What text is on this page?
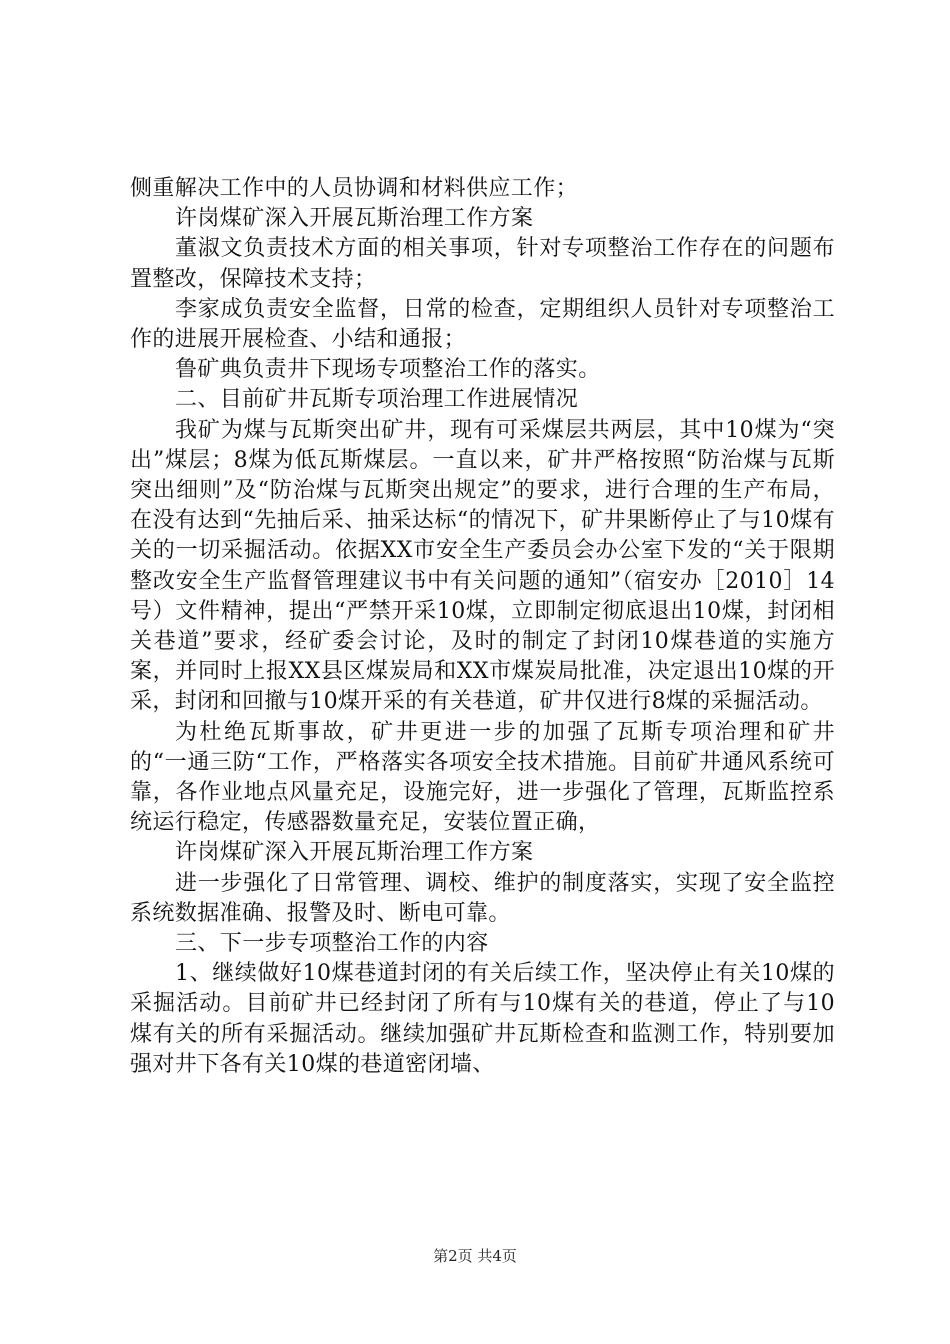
侧重解决工作中的人员协调和材料供应工作；

许岗煤矿深入开展瓦斯治理工作方案

董淑文负责技术方面的相关事项，针对专项整治工作存在的问题布置整改，保障技术支持；

李家成负责安全监督，日常的检查，定期组织人员针对专项整治工作的进展开展检查、小结和通报；

鲁矿典负责井下现场专项整治工作的落实。

二、目前矿井瓦斯专项治理工作进展情况

我矿为煤与瓦斯突出矿井，现有可采煤层共两层，其中10煤为“突出”煤层；8煤为低瓦斯煤层。一直以来，矿井严格按照“防治煤与瓦斯突出细则”及“防治煤与瓦斯突出规定”的要求，进行合理的生产布局，在没有达到“先抽后采、抽采达标“的情况下，矿井果断停止了与10煤有关的一切采掘活动。依据XX市安全生产委员会办公室下发的“关于限期整改安全生产监督管理建议书中有关问题的通知”（宿安办［2010］14号）文件精神，提出“严禁开采10煤，立即制定彻底退出10煤，封闭相关巷道”要求，经矿委会讨论，及时的制定了封闭10煤巷道的实施方案，并同时上报XX县区煤炭局和XX市煤炭局批准，决定退出10煤的开采，封闭和回撤与10煤开采的有关巷道，矿井仅进行8煤的采掘活动。

为杜绝瓦斯事故，矿井更进一步的加强了瓦斯专项治理和矿井的“一通三防“工作，严格落实各项安全技术措施。目前矿井通风系统可靠，各作业地点风量充足，设施完好，进一步强化了管理，瓦斯监控系统运行稳定，传感器数量充足，安装位置正确，

许岗煤矿深入开展瓦斯治理工作方案

进一步强化了日常管理、调校、维护的制度落实，实现了安全监控系统数据准确、报警及时、断电可靠。

三、下一步专项整治工作的内容

1、继续做好10煤巷道封闭的有关后续工作，坚决停止有关10煤的采掘活动。目前矿井已经封闭了所有与10煤有关的巷道，停止了与10煤有关的所有采掘活动。继续加强矿井瓦斯检查和监测工作，特别要加强对井下各有关10煤的巷道密闭墙、

第2页 共4页
